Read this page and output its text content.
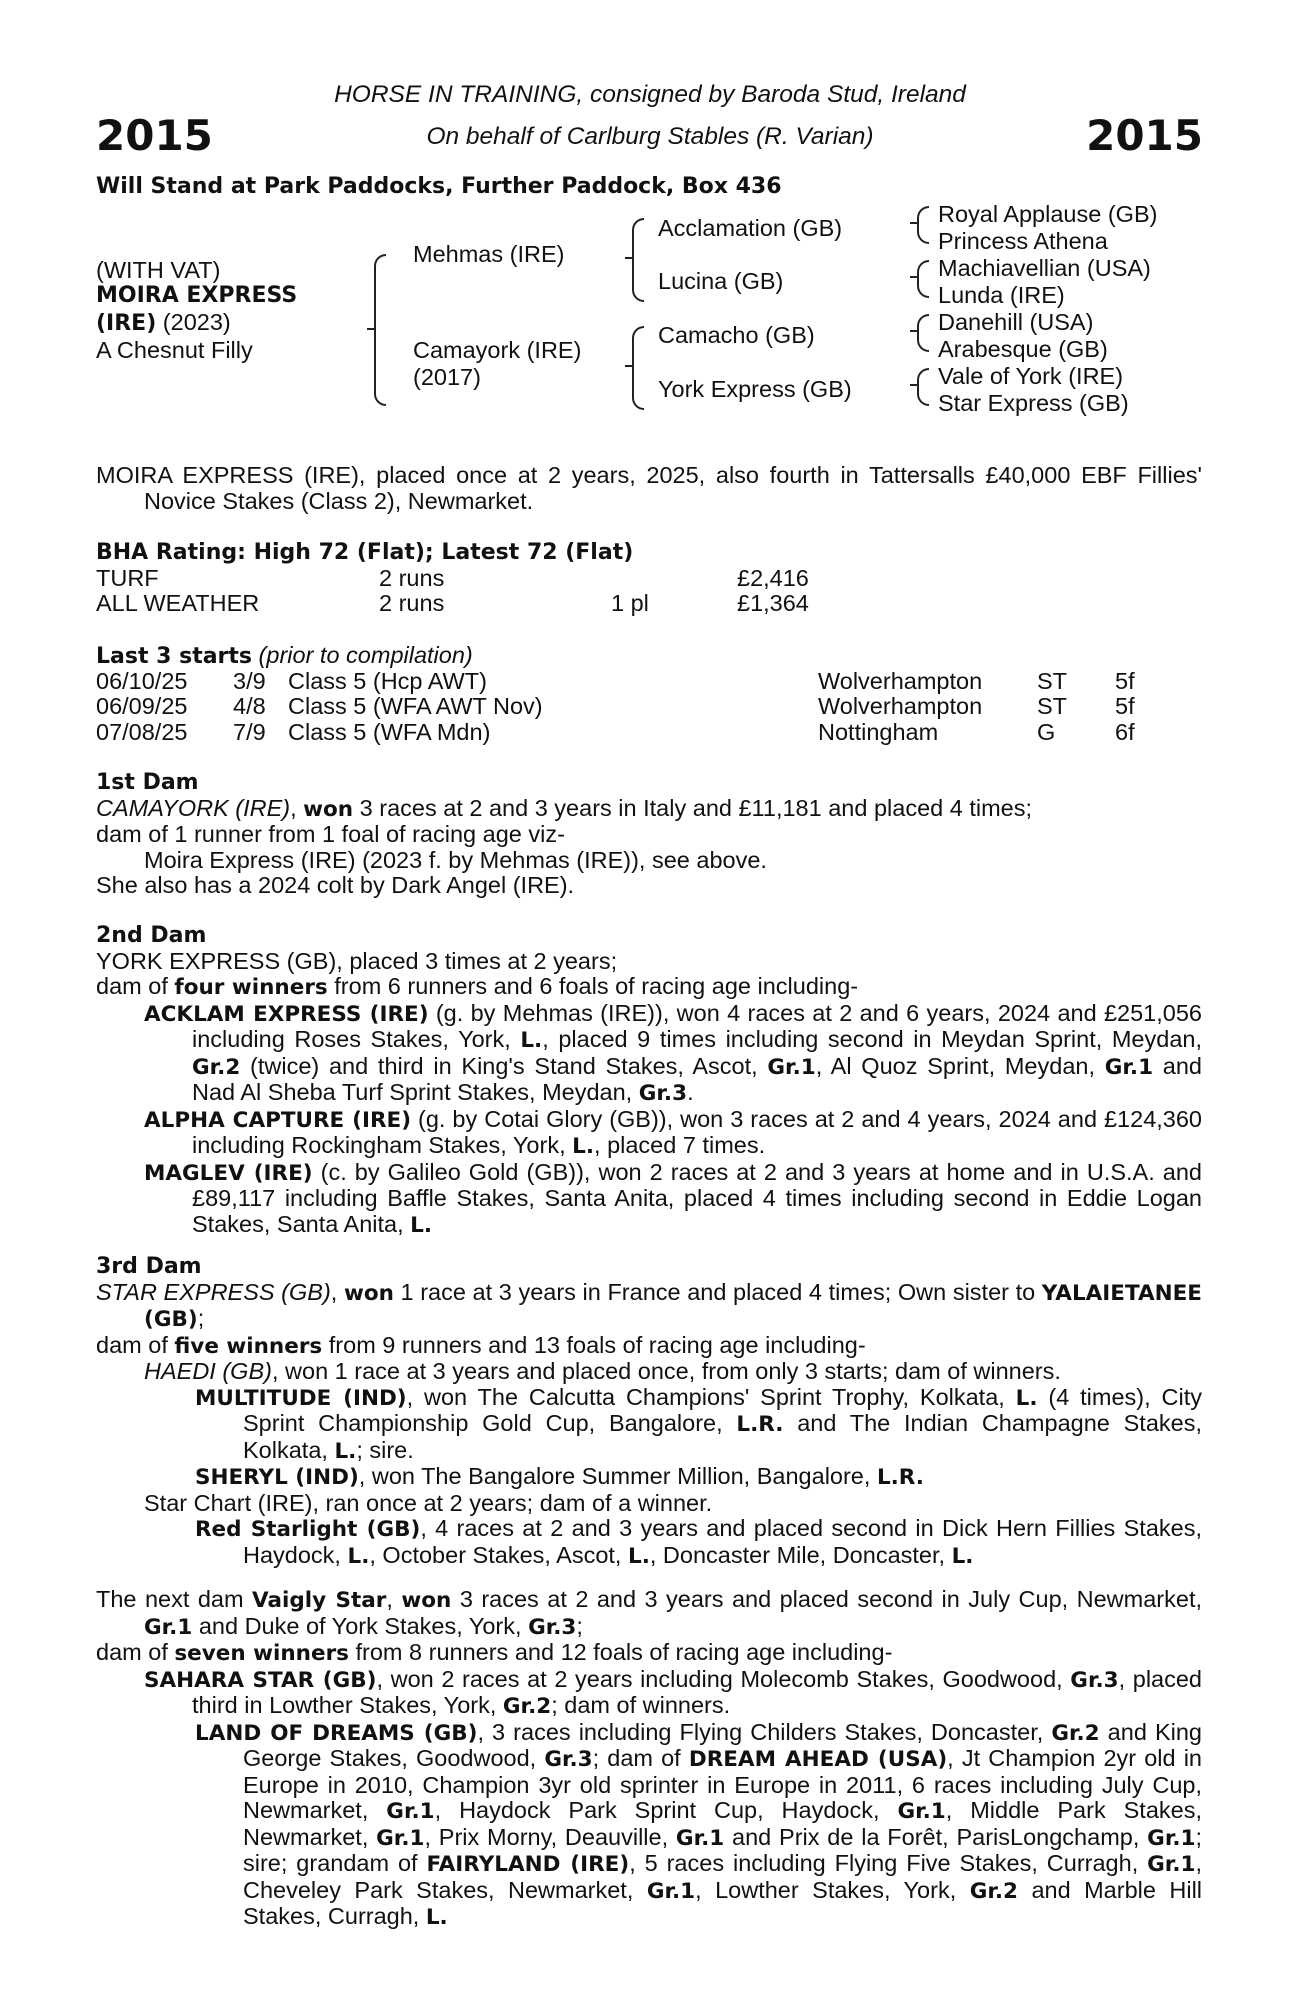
2015	2015
HORSE IN TRAINING, consigned by Baroda Stud, Ireland
On behalf of Carlburg Stables (R. Varian)
Will Stand at Park Paddocks, Further Paddock, Box 436
(WITH VAT)
MOIRA EXPRESS
(IRE) (2023)
A Chesnut Filly
Mehmas (IRE)
Camayork (IRE)
(2017)
Acclamation (GB)
Lucina (GB)
Camacho (GB)
York Express (GB)
Royal Applause (GB)
Princess Athena
Machiavellian (USA)
Lunda (IRE)
Danehill (USA)
Arabesque (GB)
Vale of York (IRE)
Star Express (GB)

MOIRA EXPRESS (IRE), placed once at 2 years, 2025, also fourth in Tattersalls £40,000 EBF Fillies' Novice Stakes (Class 2), Newmarket.

BHA Rating: High 72 (Flat); Latest 72 (Flat)
TURF	2 runs		£2,416
ALL WEATHER	2 runs	1 pl	£1,364
Last 3 starts (prior to compilation)
06/10/25	3/9	Class 5 (Hcp AWT)	Wolverhampton	ST	5f
06/09/25	4/8	Class 5 (WFA AWT Nov)	Wolverhampton	ST	5f
07/08/25	7/9	Class 5 (WFA Mdn)	Nottingham	G	6f
1st Dam

CAMAYORK (IRE), won 3 races at 2 and 3 years in Italy and £11,181 and placed 4 times;

dam of 1 runner from 1 foal of racing age viz-

Moira Express (IRE) (2023 f. by Mehmas (IRE)), see above.

She also has a 2024 colt by Dark Angel (IRE).

2nd Dam

YORK EXPRESS (GB), placed 3 times at 2 years;

dam of four winners from 6 runners and 6 foals of racing age including-

ACKLAM EXPRESS (IRE) (g. by Mehmas (IRE)), won 4 races at 2 and 6 years, 2024 and £251,056 including Roses Stakes, York, L., placed 9 times including second in Meydan Sprint, Meydan, Gr.2 (twice) and third in King's Stand Stakes, Ascot, Gr.1, Al Quoz Sprint, Meydan, Gr.1 and Nad Al Sheba Turf Sprint Stakes, Meydan, Gr.3.

ALPHA CAPTURE (IRE) (g. by Cotai Glory (GB)), won 3 races at 2 and 4 years, 2024 and £124,360 including Rockingham Stakes, York, L., placed 7 times.

MAGLEV (IRE) (c. by Galileo Gold (GB)), won 2 races at 2 and 3 years at home and in U.S.A. and £89,117 including Baffle Stakes, Santa Anita, placed 4 times including second in Eddie Logan Stakes, Santa Anita, L.

3rd Dam

STAR EXPRESS (GB), won 1 race at 3 years in France and placed 4 times; Own sister to YALAIETANEE (GB);

dam of five winners from 9 runners and 13 foals of racing age including-

HAEDI (GB), won 1 race at 3 years and placed once, from only 3 starts; dam of winners.

MULTITUDE (IND), won The Calcutta Champions' Sprint Trophy, Kolkata, L. (4 times), City Sprint Championship Gold Cup, Bangalore, L.R. and The Indian Champagne Stakes, Kolkata, L.; sire.

SHERYL (IND), won The Bangalore Summer Million, Bangalore, L.R.

Star Chart (IRE), ran once at 2 years; dam of a winner.

Red Starlight (GB), 4 races at 2 and 3 years and placed second in Dick Hern Fillies Stakes, Haydock, L., October Stakes, Ascot, L., Doncaster Mile, Doncaster, L.

The next dam Vaigly Star, won 3 races at 2 and 3 years and placed second in July Cup, Newmarket, Gr.1 and Duke of York Stakes, York, Gr.3;

dam of seven winners from 8 runners and 12 foals of racing age including-

SAHARA STAR (GB), won 2 races at 2 years including Molecomb Stakes, Goodwood, Gr.3, placed third in Lowther Stakes, York, Gr.2; dam of winners.

LAND OF DREAMS (GB), 3 races including Flying Childers Stakes, Doncaster, Gr.2 and King George Stakes, Goodwood, Gr.3; dam of DREAM AHEAD (USA), Jt Champion 2yr old in Europe in 2010, Champion 3yr old sprinter in Europe in 2011, 6 races including July Cup, Newmarket, Gr.1, Haydock Park Sprint Cup, Haydock, Gr.1, Middle Park Stakes, Newmarket, Gr.1, Prix Morny, Deauville, Gr.1 and Prix de la Forêt, ParisLongchamp, Gr.1; sire; grandam of FAIRYLAND (IRE), 5 races including Flying Five Stakes, Curragh, Gr.1, Cheveley Park Stakes, Newmarket, Gr.1, Lowther Stakes, York, Gr.2 and Marble Hill Stakes, Curragh, L.
